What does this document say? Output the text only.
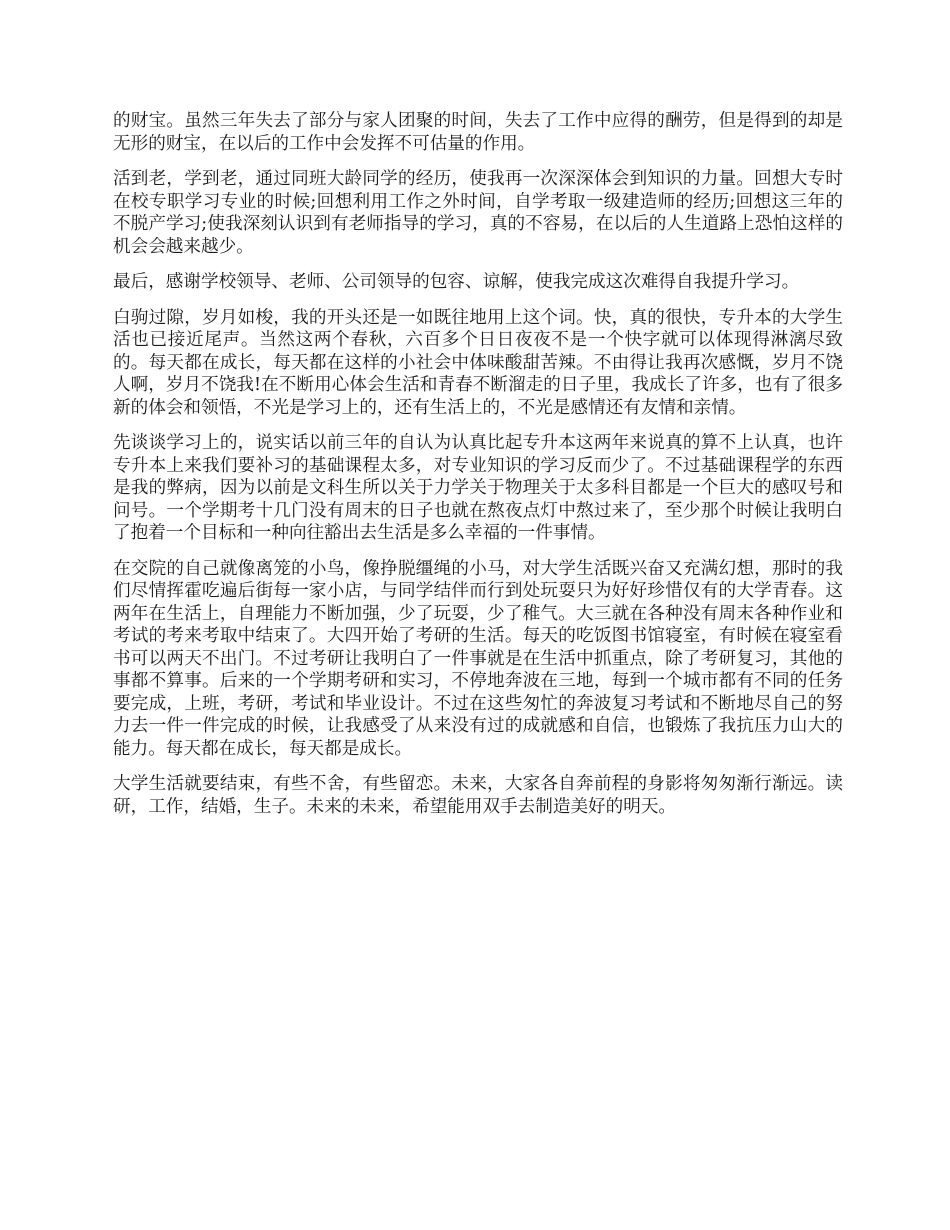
的财宝。虽然三年失去了部分与家人团聚的时间，失去了工作中应得的酬劳，但是得到的却是无形的财宝，在以后的工作中会发挥不可估量的作用。

活到老，学到老，通过同班大龄同学的经历，使我再一次深深体会到知识的力量。回想大专时在校专职学习专业的时候;回想利用工作之外时间，自学考取一级建造师的经历;回想这三年的不脱产学习;使我深刻认识到有老师指导的学习，真的不容易，在以后的人生道路上恐怕这样的机会会越来越少。

最后，感谢学校领导、老师、公司领导的包容、谅解，使我完成这次难得自我提升学习。

白驹过隙，岁月如梭，我的开头还是一如既往地用上这个词。快，真的很快，专升本的大学生活也已接近尾声。当然这两个春秋，六百多个日日夜夜不是一个快字就可以体现得淋漓尽致的。每天都在成长，每天都在这样的小社会中体味酸甜苦辣。不由得让我再次感慨，岁月不饶人啊，岁月不饶我!在不断用心体会生活和青春不断溜走的日子里，我成长了许多，也有了很多新的体会和领悟，不光是学习上的，还有生活上的，不光是感情还有友情和亲情。

先谈谈学习上的，说实话以前三年的自认为认真比起专升本这两年来说真的算不上认真，也许专升本上来我们要补习的基础课程太多，对专业知识的学习反而少了。不过基础课程学的东西是我的弊病，因为以前是文科生所以关于力学关于物理关于太多科目都是一个巨大的感叹号和问号。一个学期考十几门没有周末的日子也就在熬夜点灯中熬过来了，至少那个时候让我明白了抱着一个目标和一种向往豁出去生活是多么幸福的一件事情。

在交院的自己就像离笼的小鸟，像挣脱缰绳的小马，对大学生活既兴奋又充满幻想，那时的我们尽情挥霍吃遍后街每一家小店，与同学结伴而行到处玩耍只为好好珍惜仅有的大学青春。这两年在生活上，自理能力不断加强，少了玩耍，少了稚气。大三就在各种没有周末各种作业和考试的考来考取中结束了。大四开始了考研的生活。每天的吃饭图书馆寝室，有时候在寝室看书可以两天不出门。不过考研让我明白了一件事就是在生活中抓重点，除了考研复习，其他的事都不算事。后来的一个学期考研和实习，不停地奔波在三地，每到一个城市都有不同的任务要完成，上班，考研，考试和毕业设计。不过在这些匆忙的奔波复习考试和不断地尽自己的努力去一件一件完成的时候，让我感受了从来没有过的成就感和自信，也锻炼了我抗压力山大的能力。每天都在成长，每天都是成长。

大学生活就要结束，有些不舍，有些留恋。未来，大家各自奔前程的身影将匆匆渐行渐远。读研，工作，结婚，生子。未来的未来，希望能用双手去制造美好的明天。
